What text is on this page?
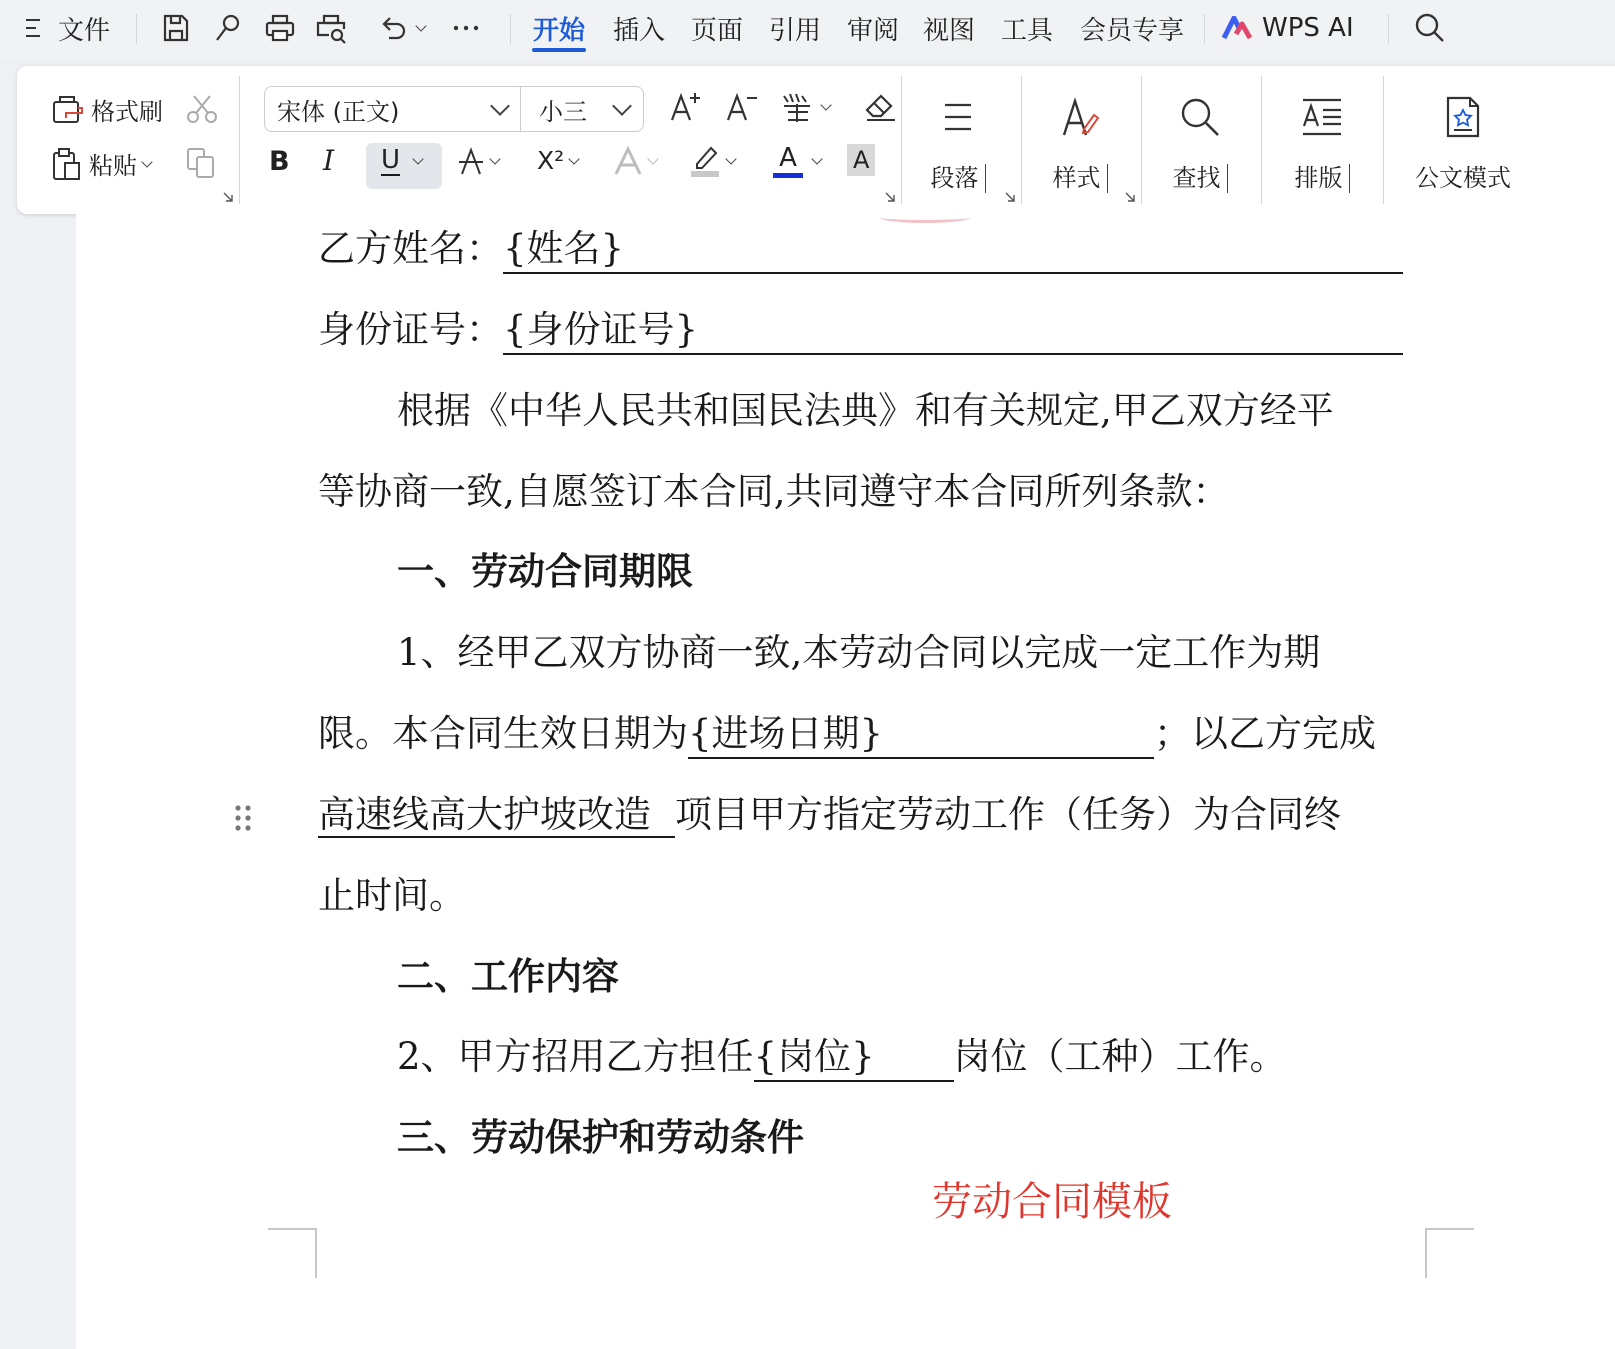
文件	开始 插入 页面 引用 审阅 视图 工具 会员专享	WPS AI
格式刷
粘贴
宋体 (正文)	小三
B I U	X²	A A
段落	样式	查找	排版	公文模式
乙方姓名：{姓名}
身份证号：{身份证号}
根据《中华人民共和国民法典》和有关规定,甲乙双方经平
等协商一致,自愿签订本合同,共同遵守本合同所列条款：
一、劳动合同期限
1、经甲乙双方协商一致,本劳动合同以完成一定工作为期
限。本合同生效日期为{进场日期}	；以乙方完成
高速线高大护坡改造 项目甲方指定劳动工作（任务）为合同终
止时间。
二、工作内容
2、甲方招用乙方担任{岗位} 岗位（工种）工作。
三、劳动保护和劳动条件
劳动合同模板
